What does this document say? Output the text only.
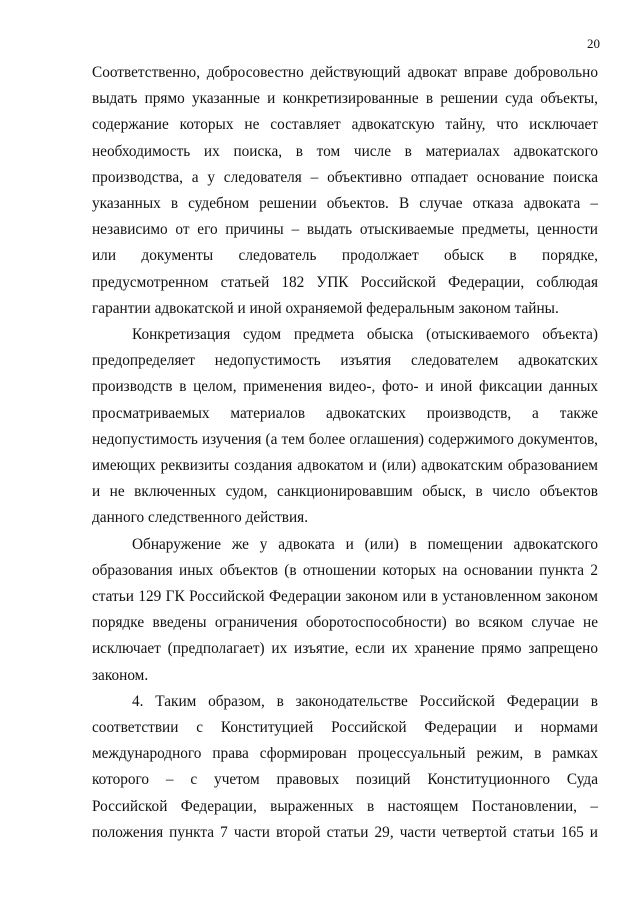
20
Соответственно, добросовестно действующий адвокат вправе добровольно
выдать прямо указанные и конкретизированные в решении суда объекты,
содержание которых не составляет адвокатскую тайну, что исключает
необходимость их поиска, в том числе в материалах адвокатского
производства, а у следователя – объективно отпадает основание поиска
указанных в судебном решении объектов. В случае отказа адвоката –
независимо от его причины – выдать отыскиваемые предметы, ценности
или документы следователь продолжает обыск в порядке,
предусмотренном статьей 182 УПК Российской Федерации, соблюдая
гарантии адвокатской и иной охраняемой федеральным законом тайны.
Конкретизация судом предмета обыска (отыскиваемого объекта)
предопределяет недопустимость изъятия следователем адвокатских
производств в целом, применения видео-, фото- и иной фиксации данных
просматриваемых материалов адвокатских производств, а также
недопустимость изучения (а тем более оглашения) содержимого документов,
имеющих реквизиты создания адвокатом и (или) адвокатским образованием
и не включенных судом, санкционировавшим обыск, в число объектов
данного следственного действия.
Обнаружение же у адвоката и (или) в помещении адвокатского
образования иных объектов (в отношении которых на основании пункта 2
статьи 129 ГК Российской Федерации законом или в установленном законом
порядке введены ограничения оборотоспособности) во всяком случае не
исключает (предполагает) их изъятие, если их хранение прямо запрещено
законом.
4. Таким образом, в законодательстве Российской Федерации в
соответствии с Конституцией Российской Федерации и нормами
международного права сформирован процессуальный режим, в рамках
которого – с учетом правовых позиций Конституционного Суда
Российской Федерации, выраженных в настоящем Постановлении, –
положения пункта 7 части второй статьи 29, части четвертой статьи 165 и
